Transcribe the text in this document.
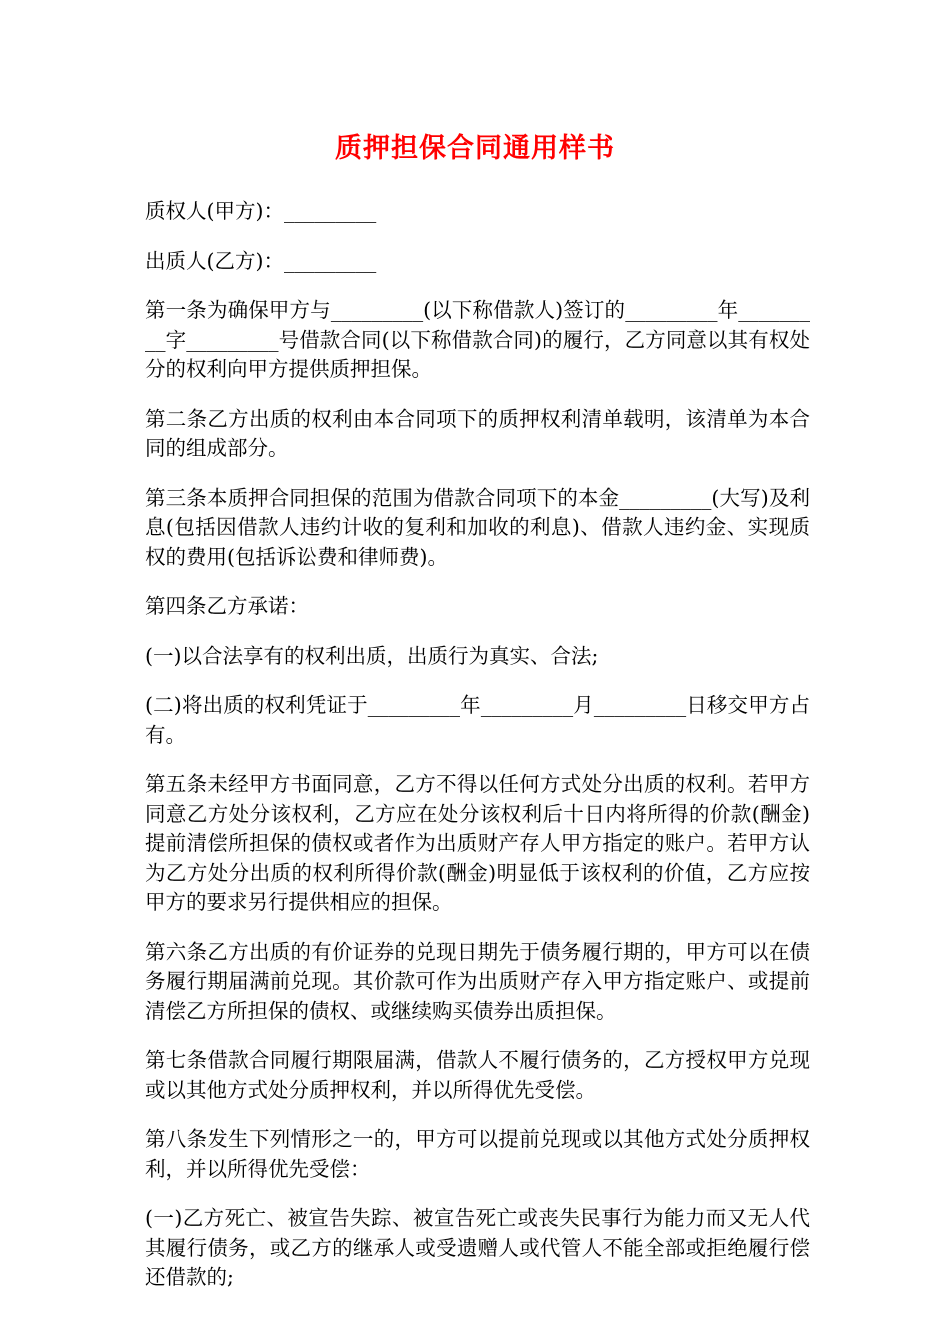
质押担保合同通用样书

质权人(甲方)：_________

出质人(乙方)：_________

第一条为确保甲方与_________(以下称借款人)签订的_________年_________字_________号借款合同(以下称借款合同)的履行，乙方同意以其有权处分的权利向甲方提供质押担保。

第二条乙方出质的权利由本合同项下的质押权利清单载明，该清单为本合同的组成部分。

第三条本质押合同担保的范围为借款合同项下的本金_________(大写)及利息(包括因借款人违约计收的复利和加收的利息)、借款人违约金、实现质权的费用(包括诉讼费和律师费)。

第四条乙方承诺：

(一)以合法享有的权利出质，出质行为真实、合法;

(二)将出质的权利凭证于_________年_________月_________日移交甲方占有。

第五条未经甲方书面同意，乙方不得以任何方式处分出质的权利。若甲方同意乙方处分该权利，乙方应在处分该权利后十日内将所得的价款(酬金)提前清偿所担保的债权或者作为出质财产存人甲方指定的账户。若甲方认为乙方处分出质的权利所得价款(酬金)明显低于该权利的价值，乙方应按甲方的要求另行提供相应的担保。

第六条乙方出质的有价证券的兑现日期先于债务履行期的，甲方可以在债务履行期届满前兑现。其价款可作为出质财产存入甲方指定账户、或提前清偿乙方所担保的债权、或继续购买债券出质担保。

第七条借款合同履行期限届满，借款人不履行债务的，乙方授权甲方兑现或以其他方式处分质押权利，并以所得优先受偿。

第八条发生下列情形之一的，甲方可以提前兑现或以其他方式处分质押权利，并以所得优先受偿：

(一)乙方死亡、被宣告失踪、被宣告死亡或丧失民事行为能力而又无人代其履行债务，或乙方的继承人或受遗赠人或代管人不能全部或拒绝履行偿还借款的;
